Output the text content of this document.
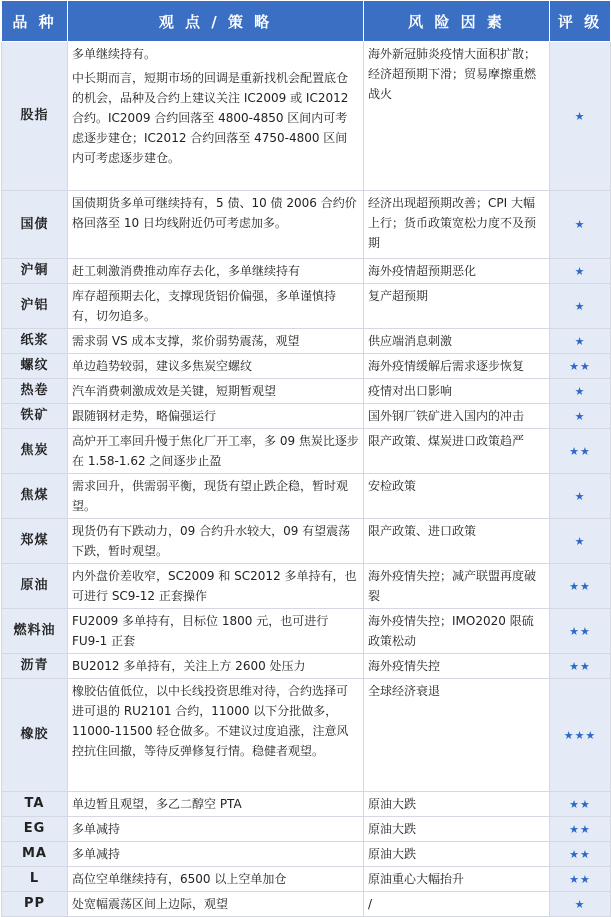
品 种	观 点 / 策 略	风 险 因 素	评 级
股指	多单继续持有。

中长期而言，短期市场的回调是重新找机会配置底仓的机会，品种及合约上建议关注 IC2009 或 IC2012 合约。IC2009 合约回落至 4800-4850 区间内可考虑逐步建仓；IC2012 合约回落至 4750-4800 区间内可考虑逐步建仓。	海外新冠肺炎疫情大面积扩散；经济超预期下滑；贸易摩擦重燃战火	★
国债	国债期货多单可继续持有，5 债、10 债 2006 合约价格回落至 10 日均线附近仍可考虑加多。	经济出现超预期改善；CPI 大幅上行；货币政策宽松力度不及预期	★
沪铜	赶工刺激消费推动库存去化，多单继续持有	海外疫情超预期恶化	★
沪铝	库存超预期去化，支撑现货铝价偏强，多单谨慎持有，切勿追多。	复产超预期	★
纸浆	需求弱 VS 成本支撑，浆价弱势震荡，观望	供应端消息刺激	★
螺纹	单边趋势较弱，建议多焦炭空螺纹	海外疫情缓解后需求逐步恢复	★★
热卷	汽车消费刺激成效是关键，短期暂观望	疫情对出口影响	★
铁矿	跟随钢材走势，略偏强运行	国外钢厂铁矿进入国内的冲击	★
焦炭	高炉开工率回升慢于焦化厂开工率，多 09 焦炭比逐步在 1.58-1.62 之间逐步止盈	限产政策、煤炭进口政策趋严	★★
焦煤	需求回升，供需弱平衡，现货有望止跌企稳，暂时观望。	安检政策	★
郑煤	现货仍有下跌动力，09 合约升水较大，09 有望震荡下跌，暂时观望。	限产政策、进口政策	★
原油	内外盘价差收窄，SC2009 和 SC2012 多单持有，也可进行 SC9-12 正套操作	海外疫情失控；减产联盟再度破裂	★★
燃料油	FU2009 多单持有，目标位 1800 元，也可进行 FU9-1 正套	海外疫情失控；IMO2020 限硫政策松动	★★
沥青	BU2012 多单持有，关注上方 2600 处压力	海外疫情失控	★★
橡胶	橡胶估值低位，以中长线投资思维对待，合约选择可进可退的 RU2101 合约，11000 以下分批做多，11000-11500 轻仓做多。不建议过度追涨，注意风控抗住回撤，等待反弹修复行情。稳健者观望。	全球经济衰退	★★★
TA	单边暂且观望，多乙二醇空 PTA	原油大跌	★★
EG	多单减持	原油大跌	★★
MA	多单减持	原油大跌	★★
L	高位空单继续持有，6500 以上空单加仓	原油重心大幅抬升	★★
PP	处宽幅震荡区间上边际，观望	/	★
